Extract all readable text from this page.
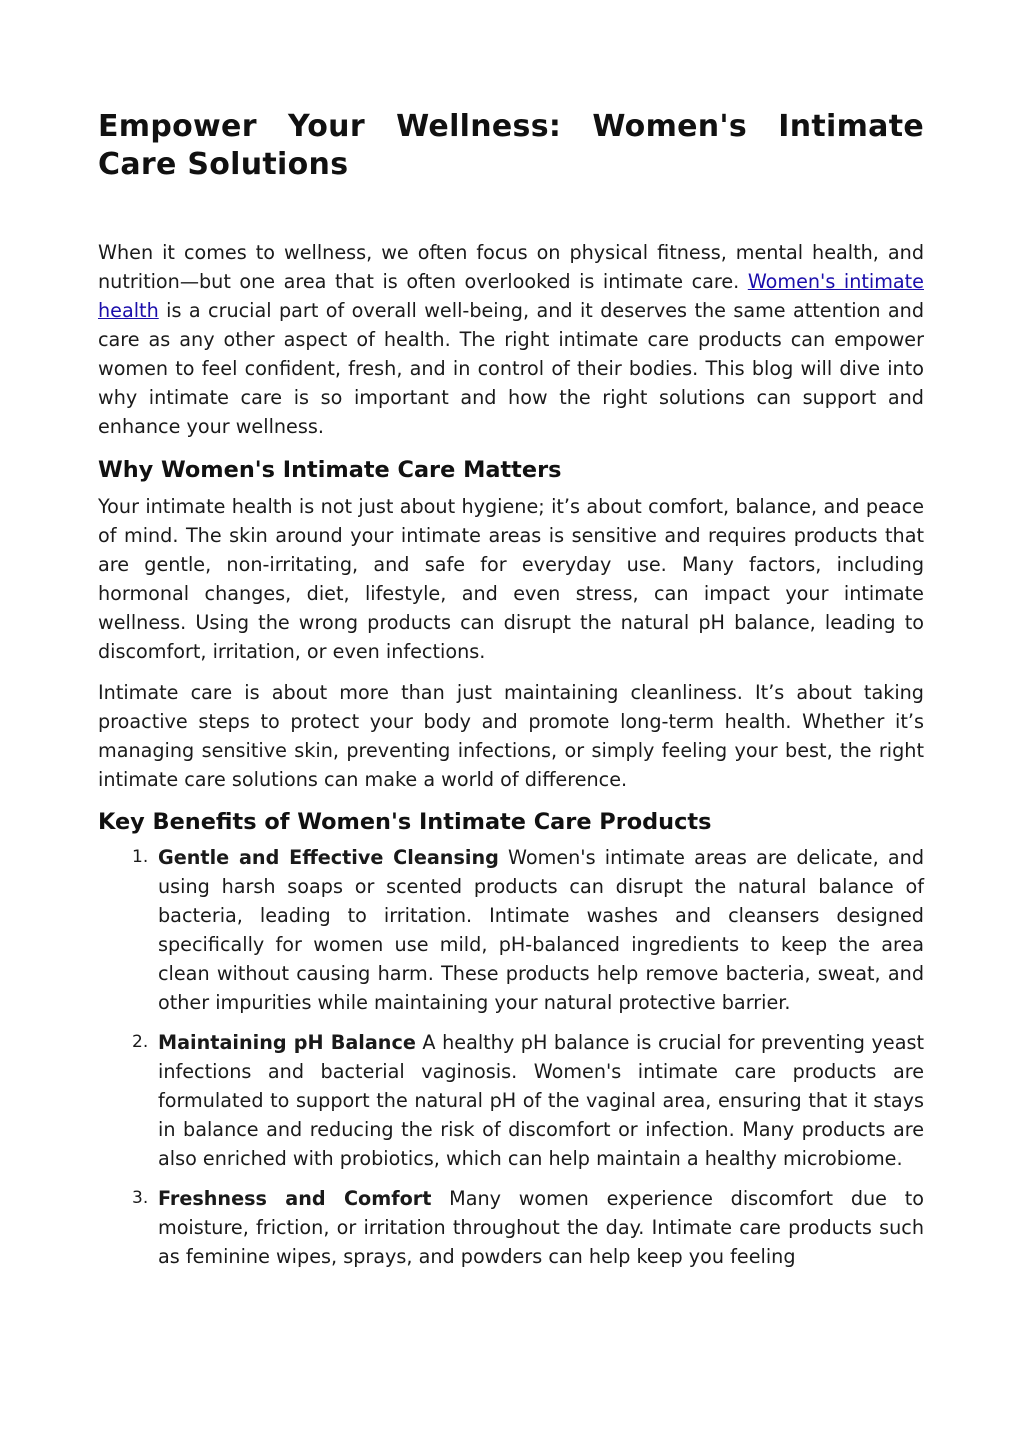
Empower Your Wellness: Women's Intimate Care Solutions

When it comes to wellness, we often focus on physical fitness, mental health, and nutrition—but one area that is often overlooked is intimate care. Women's intimate health is a crucial part of overall well-being, and it deserves the same attention and care as any other aspect of health. The right intimate care products can empower women to feel confident, fresh, and in control of their bodies. This blog will dive into why intimate care is so important and how the right solutions can support and enhance your wellness.

Why Women's Intimate Care Matters

Your intimate health is not just about hygiene; it’s about comfort, balance, and peace of mind. The skin around your intimate areas is sensitive and requires products that are gentle, non-irritating, and safe for everyday use. Many factors, including hormonal changes, diet, lifestyle, and even stress, can impact your intimate wellness. Using the wrong products can disrupt the natural pH balance, leading to discomfort, irritation, or even infections.

Intimate care is about more than just maintaining cleanliness. It’s about taking proactive steps to protect your body and promote long-term health. Whether it’s managing sensitive skin, preventing infections, or simply feeling your best, the right intimate care solutions can make a world of difference.

Key Benefits of Women's Intimate Care Products
1. Gentle and Effective Cleansing Women's intimate areas are delicate, and using harsh soaps or scented products can disrupt the natural balance of bacteria, leading to irritation. Intimate washes and cleansers designed specifically for women use mild, pH-balanced ingredients to keep the area clean without causing harm. These products help remove bacteria, sweat, and other impurities while maintaining your natural protective barrier.
2. Maintaining pH Balance A healthy pH balance is crucial for preventing yeast infections and bacterial vaginosis. Women's intimate care products are formulated to support the natural pH of the vaginal area, ensuring that it stays in balance and reducing the risk of discomfort or infection. Many products are also enriched with probiotics, which can help maintain a healthy microbiome.
3. Freshness and Comfort Many women experience discomfort due to moisture, friction, or irritation throughout the day. Intimate care products such as feminine wipes, sprays, and powders can help keep you feeling
